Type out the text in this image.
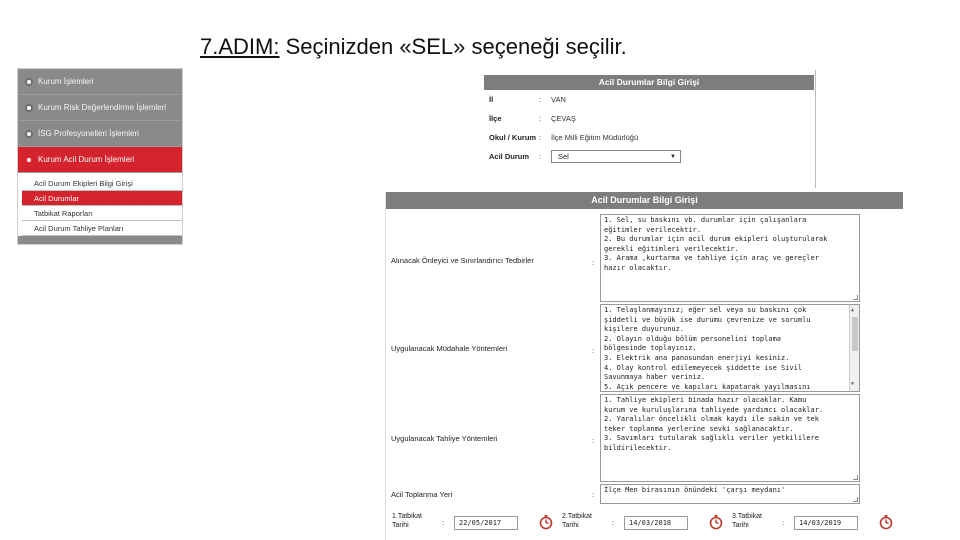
7.ADIM: Seçinizden «SEL» seçeneği seçilir.
Kurum İşlemleri
Kurum Risk Değerlendirme İşlemleri
İSG Profesyonelleri İşlemleri
Kurum Acil Durum İşlemleri
Acil Durum Ekipleri Bilgi Girişi
Acil Durumlar
Tatbikat Raporları
Acil Durum Tahliye Planları
Acil Durumlar Bilgi Girişi
İl	:	VAN
İlçe	:	ÇEVAŞ
Okul / Kurum :	İlçe Milli Eğitim Müdürlüğü
Acil Durum	:	Sel	▼
Acil Durumlar Bilgi Girişi
Alınacak Önleyici ve Sınırlandırıcı Tedbirler	:
1. Sel, su baskını vb. durumlar için çalışanlara
eğitimler verilecektir.
2. Bu durumlar için acil durum ekipleri oluşturularak
gerekli eğitimleri verilecektir.
3. Arama ,kurtarma ve tahliye için araç ve gereçler
hazır olacaktır.
Uygulanacak Müdahale Yöntemleri	:
1. Telaşlanmayınız; eğer sel veya su baskını çok
şiddetli ve büyük ise durumu çevrenize ve sorumlu
kişilere duyurunuz.
2. Olayın olduğu bölüm personelini toplama
bölgesinde toplayınız.
3. Elektrik ana panosundan enerjiyi kesiniz.
4. Olay kontrol edilemeyecek şiddette ise Sivil
Savunmaya haber veriniz.
5. Açık pencere ve kapıları kapatarak yayılmasını
▲
▼
Uygulanacak Tahliye Yöntemleri	:
1. Tahliye ekipleri binada hazır olacaklar. Kamu
kurum ve kuruluşlarına tahliyede yardımcı olacaklar.
2. Yaralılar öncelikli olmak kaydı ile sakin ve tek
teker toplanma yerlerine sevki sağlanacaktır.
3. Savımları tutularak sağlıklı veriler yetkililere
bildirilecektir.
Acil Toplanma Yeri	: İlçe Men birasının önündeki 'çarşı meydanı'
1.Tatbikat Tarihi	:	22/05/2017
2.Tatbikat Tarihi	:	14/03/2018
3.Tatbikat Tarihi	:	14/03/2019
